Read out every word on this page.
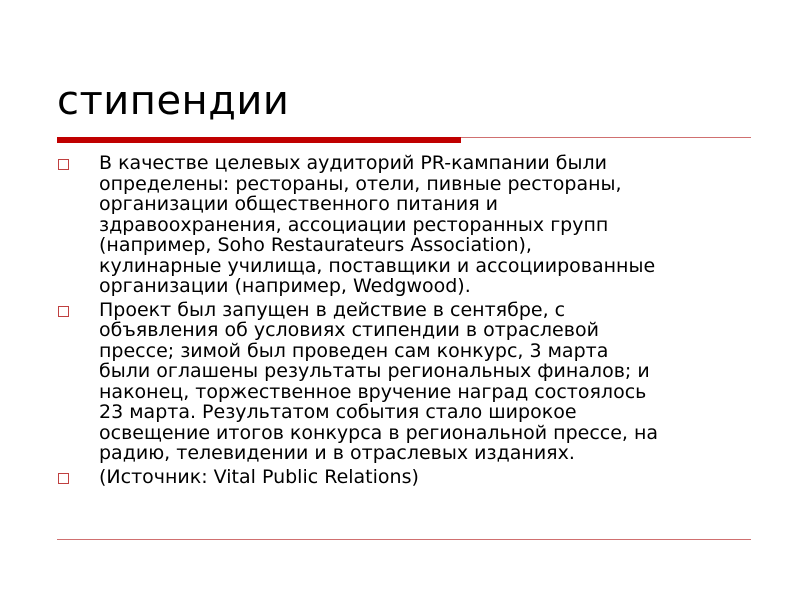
стипендии
В качестве целевых аудиторий PR-кампании были
определены: рестораны, отели, пивные рестораны,
организации общественного питания и
здравоохранения, ассоциации ресторанных групп
(например, Soho Restaurateurs Association),
кулинарные училища, поставщики и ассоциированные
организации (например, Wedgwood).
Проект был запущен в действие в сентябре, с
объявления об условиях стипендии в отраслевой
прессе; зимой был проведен сам конкурс, 3 марта
были оглашены результаты региональных финалов; и
наконец, торжественное вручение наград состоялось
23 марта. Результатом события стало широкое
освещение итогов конкурса в региональной прессе, на
радию, телевидении и в отраслевых изданиях.
(Источник: Vital Public Relations)
